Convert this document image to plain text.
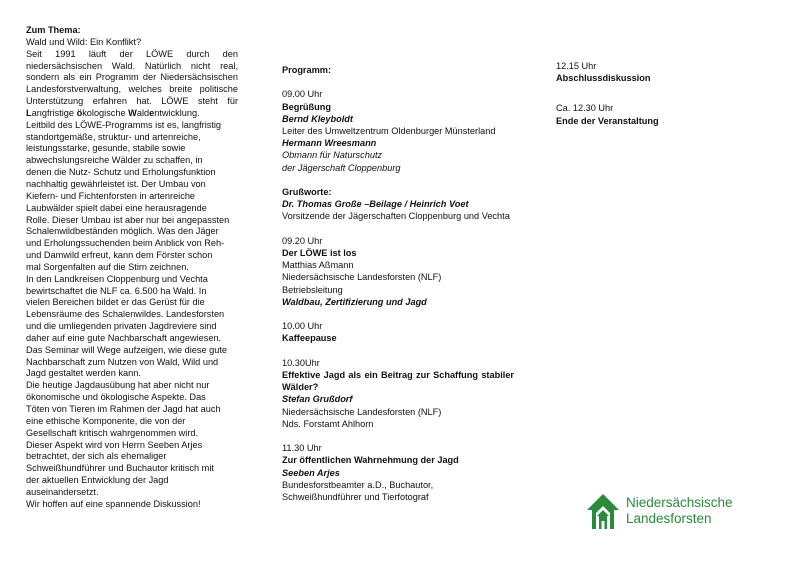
Zum Thema:

Wald und Wild: Ein Konflikt?

Seit 1991 läuft der LÖWE durch den

niedersächsischen Wald. Natürlich nicht real,

sondern als ein Programm der Niedersächsischen

Landesforstverwaltung, welches breite politische

Unterstützung erfahren hat. LÖWE steht für

Langfristige ökologische Waldentwicklung.

Leitbild des LÖWE-Programms ist es, langfristig

standortgemäße, struktur- und artenreiche,

leistungsstarke, gesunde, stabile sowie

abwechslungsreiche Wälder zu schaffen, in

denen die Nutz- Schutz und Erholungsfunktion

nachhaltig gewährleistet ist. Der Umbau von

Kiefern- und Fichtenforsten in artenreiche

Laubwälder spielt dabei eine herausragende

Rolle. Dieser Umbau ist aber nur bei angepassten

Schalenwildbeständen möglich. Was den Jäger

und Erholungssuchenden beim Anblick von Reh-

und Damwild erfreut, kann dem Förster schon

mal Sorgenfalten auf die Stirn zeichnen.

In den Landkreisen Cloppenburg und Vechta

bewirtschaftet die NLF ca. 6.500 ha Wald. In

vielen Bereichen bildet er das Gerüst für die

Lebensräume des Schalenwildes. Landesforsten

und die umliegenden privaten Jagdreviere sind

daher auf eine gute Nachbarschaft angewiesen.

Das Seminar will Wege aufzeigen, wie diese gute

Nachbarschaft zum Nutzen von Wald, Wild und

Jagd gestaltet werden kann.

Die heutige Jagdausübung hat aber nicht nur

ökonomische und ökologische Aspekte. Das

Töten von Tieren im Rahmen der Jagd hat auch

eine ethische Komponente, die von der

Gesellschaft kritisch wahrgenommen wird.

Dieser Aspekt wird von Herrn Seeben Arjes

betrachtet, der sich als ehemaliger

Schweißhundführer und Buchautor kritisch mit

der aktuellen Entwicklung der Jagd

auseinandersetzt.

Wir hoffen auf eine spannende Diskussion!

Programm:
09.00 Uhr
Begrüßung
Bernd Kleyboldt
Leiter des Umweltzentrum Oldenburger Münsterland
Hermann Wreesmann
Obmann für Naturschutz
der Jägerschaft Cloppenburg
Grußworte:
Dr. Thomas Große –Beilage / Heinrich Voet
Vorsitzende der Jägerschaften Cloppenburg und Vechta
09.20 Uhr
Der LÖWE ist los
Matthias Aßmann
Niedersächsische Landesforsten (NLF)
Betriebsleitung
Waldbau, Zertifizierung und Jagd
10.00 Uhr
Kaffeepause
10.30Uhr
Effektive Jagd als ein Beitrag zur Schaffung stabiler Wälder?
Stefan Grußdorf
Niedersächsische Landesforsten (NLF)
Nds. Forstamt Ahlhorn
11.30 Uhr
Zur öffentlichen Wahrnehmung der Jagd
Seeben Arjes
Bundesforstbeamter a.D., Buchautor,
Schweißhundführer und Tierfotograf
12.15 Uhr
Abschlussdiskussion
Ca. 12.30 Uhr
Ende der Veranstaltung
Niedersächsische
Landesforsten
